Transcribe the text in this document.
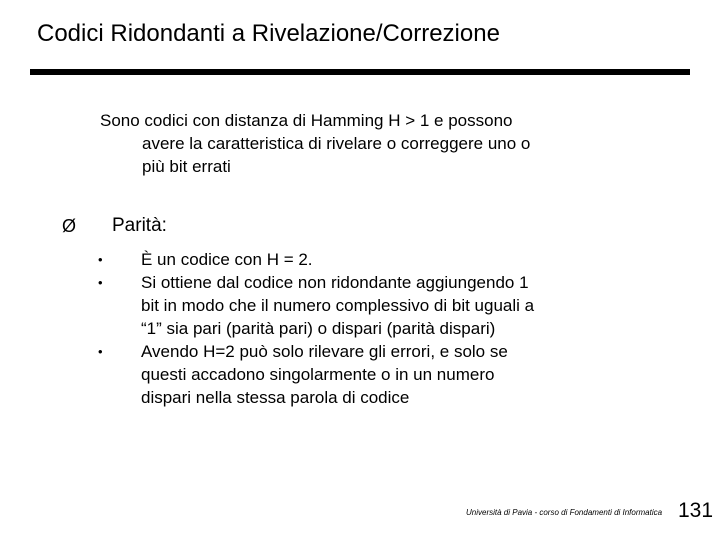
Codici Ridondanti a Rivelazione/Correzione
Sono codici con distanza di Hamming H > 1 e possono
avere la caratteristica di rivelare o correggere uno o
più bit errati
Ø Parità:
•	È un codice con H = 2.
•	Si ottiene dal codice non ridondante aggiungendo 1
bit in modo che il numero complessivo di bit uguali a
“1” sia pari (parità pari) o dispari (parità dispari)
•	Avendo H=2 può solo rilevare gli errori, e solo se
questi accadono singolarmente o in un numero
dispari nella stessa parola di codice
Università di Pavia - corso di Fondamenti di Informatica 131
